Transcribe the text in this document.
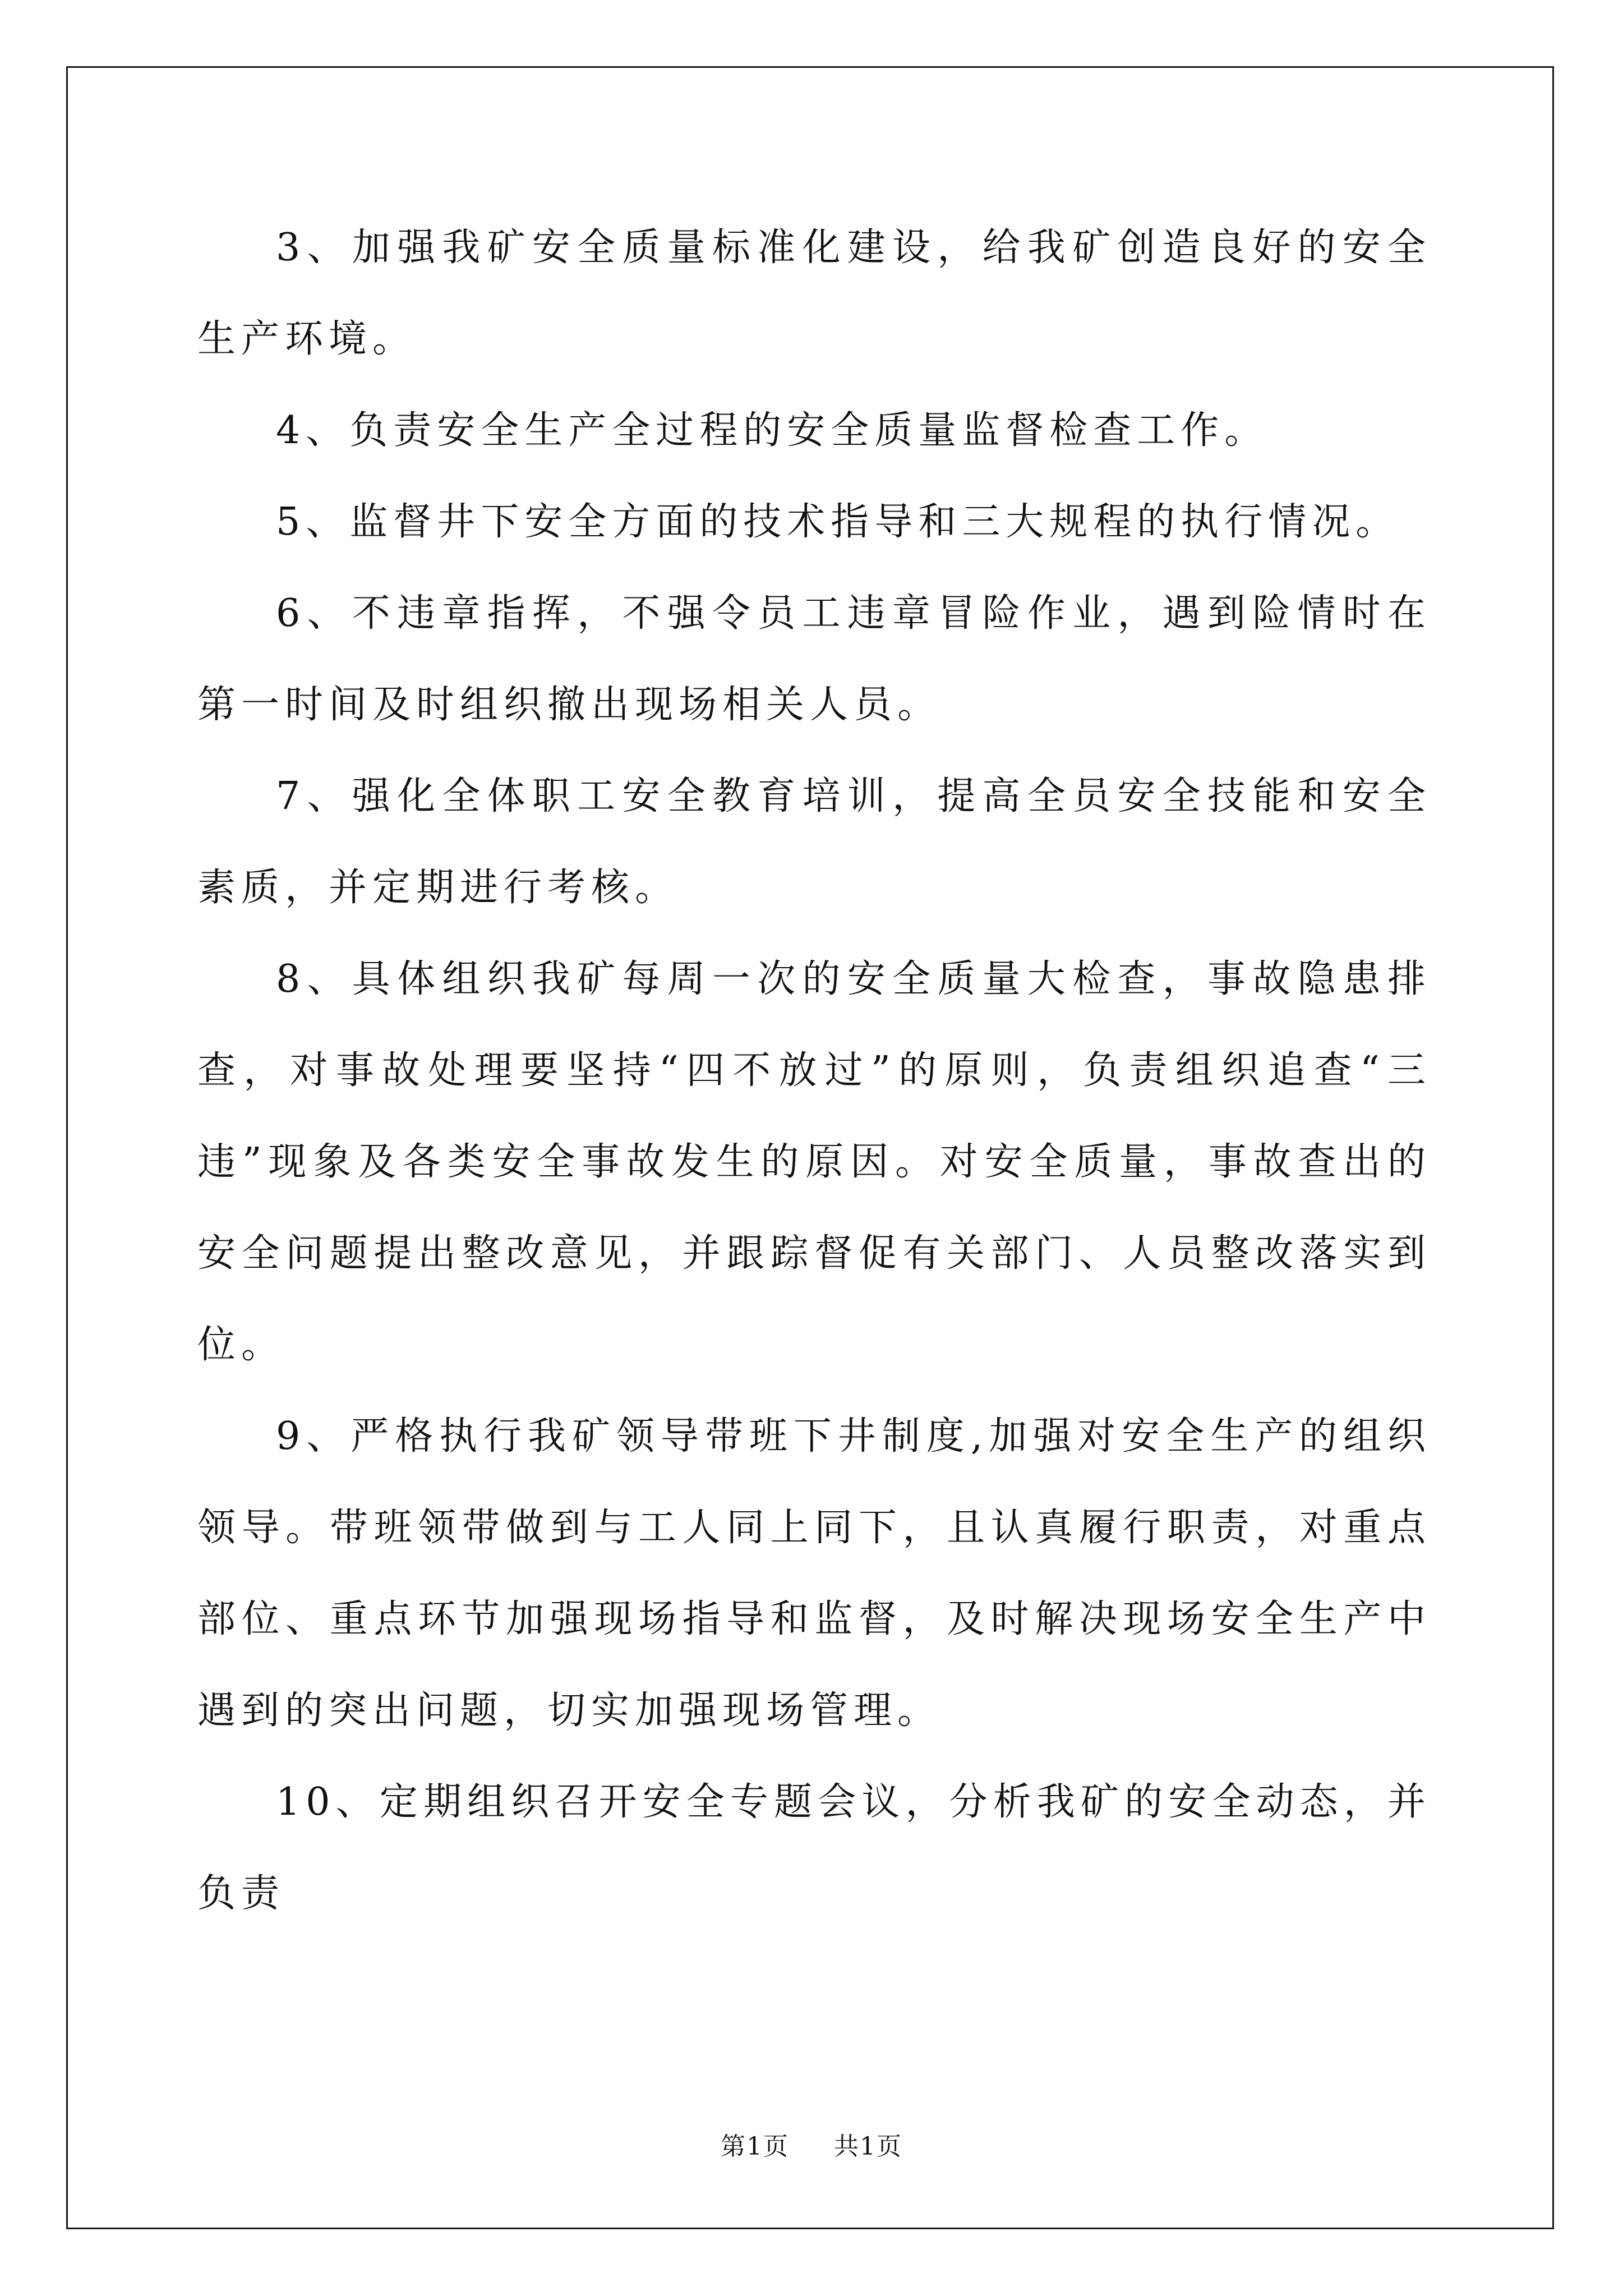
3、加强我矿安全质量标准化建设，给我矿创造良好的安全生产环境。

4、负责安全生产全过程的安全质量监督检查工作。

5、监督井下安全方面的技术指导和三大规程的执行情况。

6、不违章指挥，不强令员工违章冒险作业，遇到险情时在第一时间及时组织撤出现场相关人员。

7、强化全体职工安全教育培训，提高全员安全技能和安全素质，并定期进行考核。

8、具体组织我矿每周一次的安全质量大检查，事故隐患排查，对事故处理要坚持“四不放过”的原则，负责组织追查“三违”现象及各类安全事故发生的原因。对安全质量，事故查出的安全问题提出整改意见，并跟踪督促有关部门、人员整改落实到位。

9、严格执行我矿领导带班下井制度,加强对安全生产的组织领导。带班领带做到与工人同上同下，且认真履行职责，对重点部位、重点环节加强现场指导和监督，及时解决现场安全生产中遇到的突出问题，切实加强现场管理。

10、定期组织召开安全专题会议，分析我矿的安全动态，并负责

第1页 共1页
